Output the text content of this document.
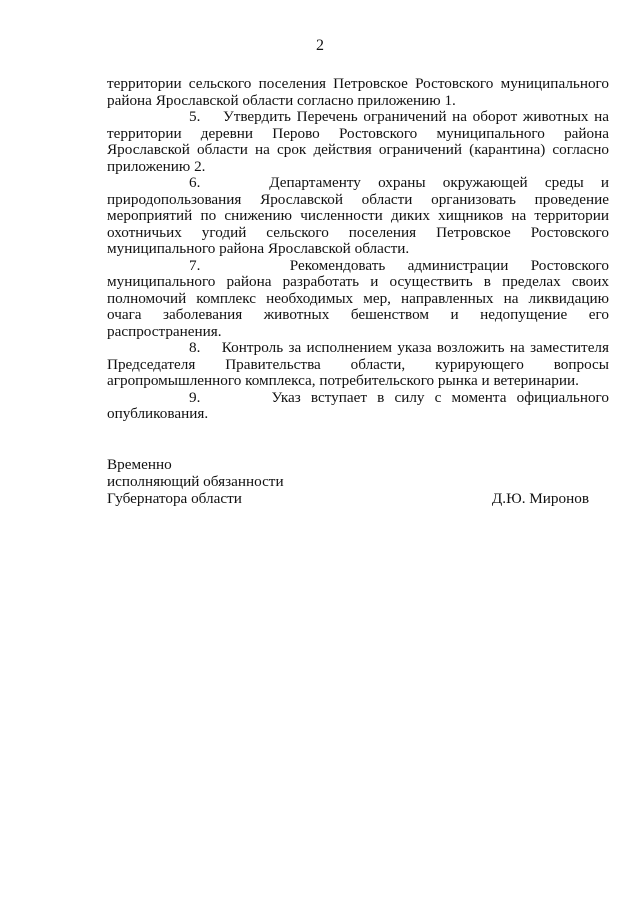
2

территории сельского поселения Петровское Ростовского муниципального района Ярославской области согласно приложению 1.

5. Утвердить Перечень ограничений на оборот животных на территории деревни Перово Ростовского муниципального района Ярославской области на срок действия ограничений (карантина) согласно приложению 2.

6.	Департаменту охраны окружающей среды и природопользования Ярославской области организовать проведение мероприятий по снижению численности диких хищников на территории охотничьих угодий сельского поселения Петровское Ростовского муниципального района Ярославской области.

7.	Рекомендовать администрации Ростовского муниципального района разработать и осуществить в пределах своих полномочий комплекс необходимых мер, направленных на ликвидацию очага заболевания животных бешенством и недопущение его распространения.

8. Контроль за исполнением указа возложить на заместителя Председателя Правительства области, курирующего вопросы агропромышленного комплекса, потребительского рынка и ветеринарии.

9.	Указ вступает в силу с момента официального опубликования.

Временно
исполняющий обязанности
Губернатора области	Д.Ю. Миронов
